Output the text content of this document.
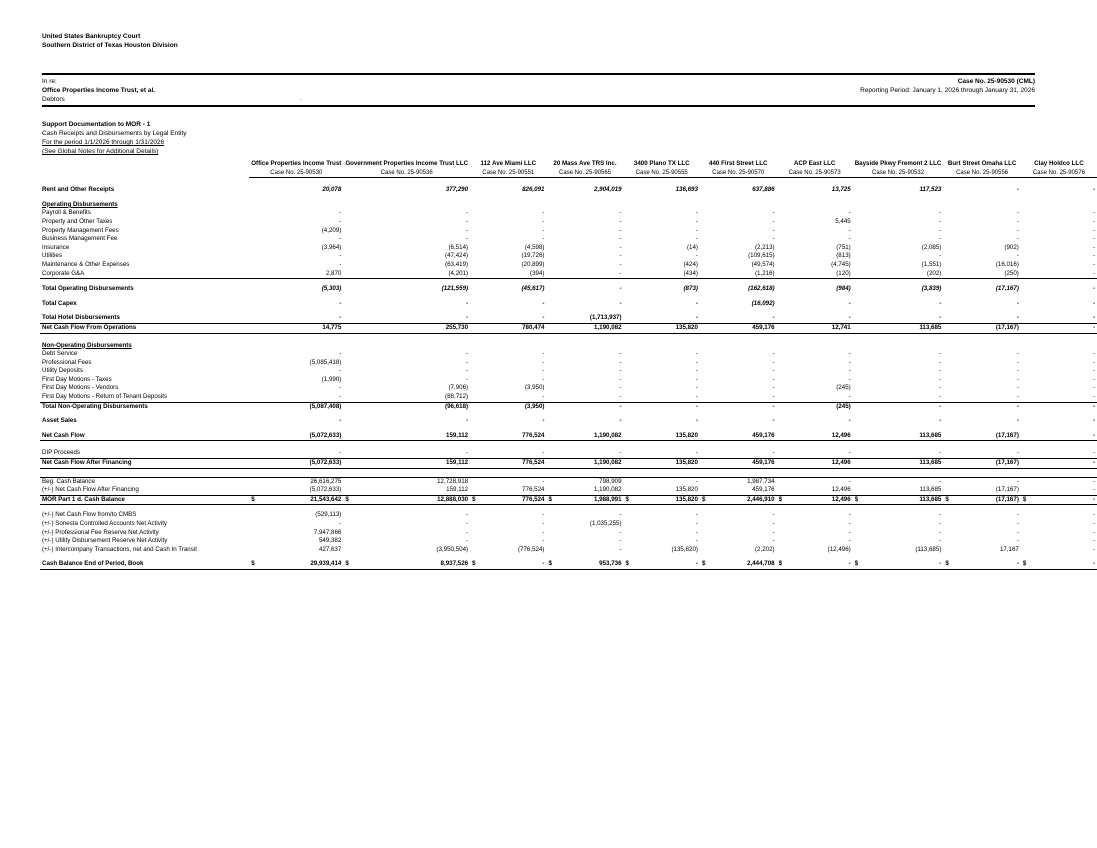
United States Bankruptcy Court
Southern District of Texas Houston Division
In re:
Office Properties Income Trust, et al.
Debtors	.
Case No. 25-90530 (CML)
Reporting Period: January 1, 2026 through January 31, 2026
Support Documentation to MOR - 1
Cash Receipts and Disbursements by Legal Entity
For the period 1/1/2026 through 1/31/2026
(See Global Notes for Additional Details)
	Office Properties Income Trust	Government Properties Income Trust LLC	112 Ave Miami LLC	20 Mass Ave TRS Inc.	3400 Plano TX LLC	440 First Street LLC	ACP East LLC	Bayside Pkwy Fremont 2 LLC	Burt Street Omaha LLC	Clay Holdco LLC
	Case No. 25-90530	Case No. 25-90536	Case No. 25-90551	Case No. 25-90565	Case No. 25-90555	Case No. 25-90570	Case No. 25-90573	Case No. 25-90532	Case No. 25-90556	Case No. 25-90576

Rent and Other Receipts	20,078	377,290	826,091	2,904,019	136,693	637,886	13,725	117,523	-	-

Operating Disbursements										
Payroll & Benefits	-	-	-	-	-	-	-	-	-	-
Property and Other Taxes	-	-	-	-	-	-	5,445	-	-	-
Property Management Fees	(4,209)	-	-	-	-	-	-	-	-	-
Business Management Fee	-	-	-	-	-	-	-	-	-	-
Insurance	(3,964)	(6,514)	(4,598)	-	(14)	(2,213)	(751)	(2,085)	(902)	-
Utilities	-	(47,424)	(19,726)	-	-	(109,615)	(813)	-	-	-
Maintenance & Other Expenses	-	(63,419)	(20,899)	-	(424)	(49,574)	(4,745)	(1,551)	(16,016)	-
Corporate G&A	2,870	(4,201)	(394)	-	(434)	(1,216)	(120)	(202)	(250)	-

Total Operating Disbursements	(5,303)	(121,559)	(45,617)	-	(873)	(162,618)	(984)	(3,839)	(17,167)	-

Total Capex	-	-	-	-	-	(16,092)	-	-	-	-

Total Hotel Disbursements	-	-	-	(1,713,937)	-	-	-	-	-	-
Net Cash Flow From Operations	14,775	255,730	780,474	1,190,082	135,820	459,176	12,741	113,685	(17,167)	-

Non-Operating Disbursements										
Debt Service	-	-	-	-	-	-	-	-	-	-
Professional Fees	(5,085,418)	-	-	-	-	-	-	-	-	-
Utility Deposits	-	-	-	-	-	-	-	-	-	-
First Day Motions - Taxes	(1,990)	-	-	-	-	-	-	-	-	-
First Day Motions - Vendors	-	(7,906)	(3,950)	-	-	-	(245)	-	-	-
First Day Motions - Return of Tenant Deposits	-	(88,712)	-	-	-	-	-	-	-	-
Total Non-Operating Disbursements	(5,087,408)	(96,618)	(3,950)	-	-	-	(245)	-	-	-

Asset Sales	-	-	-	-	-	-	-	-	-	-

Net Cash Flow	(5,072,633)	159,112	776,524	1,190,082	135,820	459,176	12,496	113,685	(17,167)	-

DIP Proceeds	-	-	-	-	-	-	-	-	-	-
Net Cash Flow After Financing	(5,072,633)	159,112	776,524	1,190,082	135,820	459,176	12,496	113,685	(17,167)	-

Beg. Cash Balance	26,616,275	12,728,918	-	798,909	-	1,987,734	-	-	-	-
(+/-) Net Cash Flow After Financing	(5,072,633)	159,112	776,524	1,190,082	135,820	459,176	12,496	113,685	(17,167)	-
MOR Part 1 d. Cash Balance	$ 21,543,642	$ 12,888,030	$ 776,524	$ 1,988,991	$ 135,820	$ 2,446,910	$ 12,496	$ 113,685	$ (17,167)	$ -

(+/-) Net Cash Flow from/to CMBS	(529,113)	-	-	-	-	-	-	-	-	-
(+/-) Sonesta Controlled Accounts Net Activity	-	-	-	(1,035,255)	-	-	-	-	-	-
(+/-) Professional Fee Reserve Net Activity	7,947,866	-	-	-	-	-	-	-	-	-
(+/-) Utility Disbursement Reserve Net Activity	549,382	-	-	-	-	-	-	-	-	-
(+/-) Intercompany Transactions, net and Cash In Transit	427,637	(3,950,504)	(776,524)	-	(135,820)	(2,202)	(12,496)	(113,685)	17,167	-

Cash Balance End of Period, Book	$ 29,939,414	$ 8,937,526	$ -	$ 953,736	$ -	$ 2,444,708	$ -	$ -	$ -	$ -
